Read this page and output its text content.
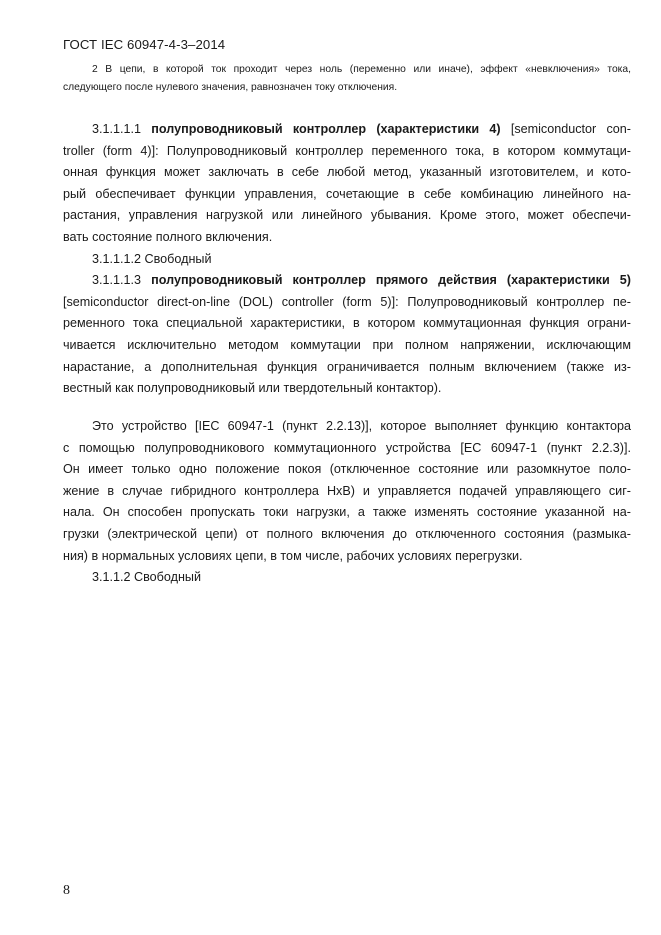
ГОСТ IEC 60947-4-3–2014
2 В цепи, в которой ток проходит через ноль (переменно или иначе), эффект «невключения» тока,
следующего после нулевого значения, равнозначен току отключения.
3.1.1.1.1 полупроводниковый контроллер (характеристики 4) [semiconductor con-
troller (form 4)]: Полупроводниковый контроллер переменного тока, в котором коммутаци-
онная функция может заключать в себе любой метод, указанный изготовителем, и кото-
рый обеспечивает функции управления, сочетающие в себе комбинацию линейного на-
растания, управления нагрузкой или линейного убывания. Кроме этого, может обеспечи-
вать состояние полного включения.
3.1.1.1.2 Свободный
3.1.1.1.3 полупроводниковый контроллер прямого действия (характеристики 5)
[semiconductor direct-on-line (DOL) controller (form 5)]: Полупроводниковый контроллер пе-
ременного тока специальной характеристики, в котором коммутационная функция ограни-
чивается исключительно методом коммутации при полном напряжении, исключающим
нарастание, а дополнительная функция ограничивается полным включением (также из-
вестный как полупроводниковый или твердотельный контактор).
Это устройство [IEC 60947-1 (пункт 2.2.13)], которое выполняет функцию контактора
с помощью полупроводникового коммутационного устройства [ЕС 60947-1 (пункт 2.2.3)].
Он имеет только одно положение покоя (отключенное состояние или разомкнутое поло-
жение в случае гибридного контроллера HxB) и управляется подачей управляющего сиг-
нала. Он способен пропускать токи нагрузки, а также изменять состояние указанной на-
грузки (электрической цепи) от полного включения до отключенного состояния (размыка-
ния) в нормальных условиях цепи, в том числе, рабочих условиях перегрузки.
3.1.1.2 Свободный
8
